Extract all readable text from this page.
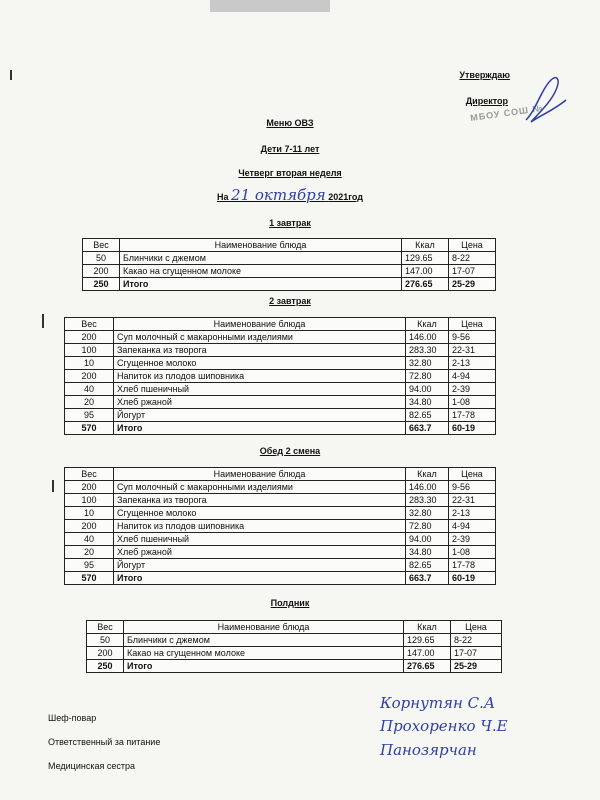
Утверждаю
Директор
МБОУ СОШ №
Меню ОВЗ
Дети 7-11 лет
Четверг вторая неделя
На 21 октября 2021год
1 завтрак
Вес	Наименование блюда	Ккал	Цена
50	Блинчики с джемом	129.65	8-22
200	Какао на сгущенном молоке	147.00	17-07
250	Итого	276.65	25-29
2 завтрак
Вес	Наименование блюда	Ккал	Цена
200	Суп молочный с макаронными изделиями	146.00	9-56
100	Запеканка из творога	283.30	22-31
10	Сгущенное молоко	32.80	2-13
200	Напиток из плодов шиповника	72.80	4-94
40	Хлеб пшеничный	94.00	2-39
20	Хлеб ржаной	34.80	1-08
95	Йогурт	82.65	17-78
570	Итого	663.7	60-19
Обед 2 смена
Вес	Наименование блюда	Ккал	Цена
200	Суп молочный с макаронными изделиями	146.00	9-56
100	Запеканка из творога	283.30	22-31
10	Сгущенное молоко	32.80	2-13
200	Напиток из плодов шиповника	72.80	4-94
40	Хлеб пшеничный	94.00	2-39
20	Хлеб ржаной	34.80	1-08
95	Йогурт	82.65	17-78
570	Итого	663.7	60-19
Полдник
Вес	Наименование блюда	Ккал	Цена
50	Блинчики с джемом	129.65	8-22
200	Какао на сгущенном молоке	147.00	17-07
250	Итого	276.65	25-29
Шеф-повар
Ответственный за питание
Медицинская сестра
Корнутян С.А
Прохоренко Ч.Е
Панозярчан
